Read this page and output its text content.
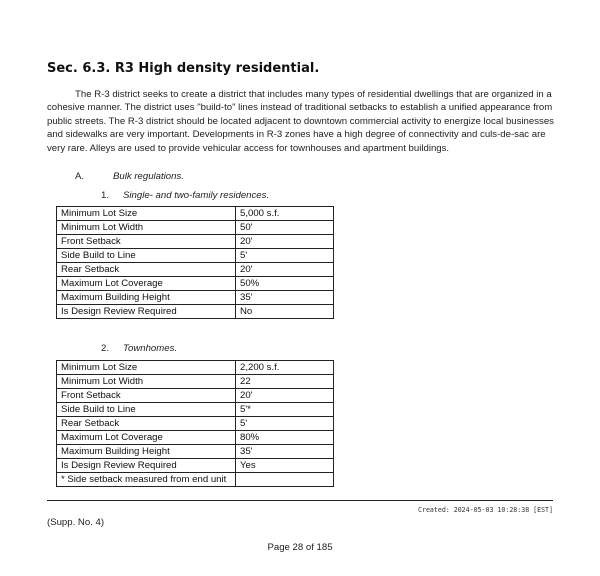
Sec. 6.3. R3 High density residential.

The R-3 district seeks to create a district that includes many types of residential dwellings that are organized in a cohesive manner. The district uses "build-to" lines instead of traditional setbacks to establish a unified appearance from public streets. The R-3 district should be located adjacent to downtown commercial activity to energize local businesses and sidewalks are very important. Developments in R-3 zones have a high degree of connectivity and culs-de-sac are very rare. Alleys are used to provide vehicular access for townhouses and apartment buildings.

A.	Bulk regulations.
1. Single- and two-family residences.
Minimum Lot Size	5,000 s.f.
Minimum Lot Width	50'
Front Setback	20'
Side Build to Line	5'
Rear Setback	20'
Maximum Lot Coverage	50%
Maximum Building Height	35'
Is Design Review Required	No
2. Townhomes.
Minimum Lot Size	2,200 s.f.
Minimum Lot Width	22
Front Setback	20'
Side Build to Line	5'*
Rear Setback	5'
Maximum Lot Coverage	80%
Maximum Building Height	35'
Is Design Review Required	Yes
* Side setback measured from end unit	
Created: 2024-05-03 10:28:38 [EST]
(Supp. No. 4)
Page 28 of 185
